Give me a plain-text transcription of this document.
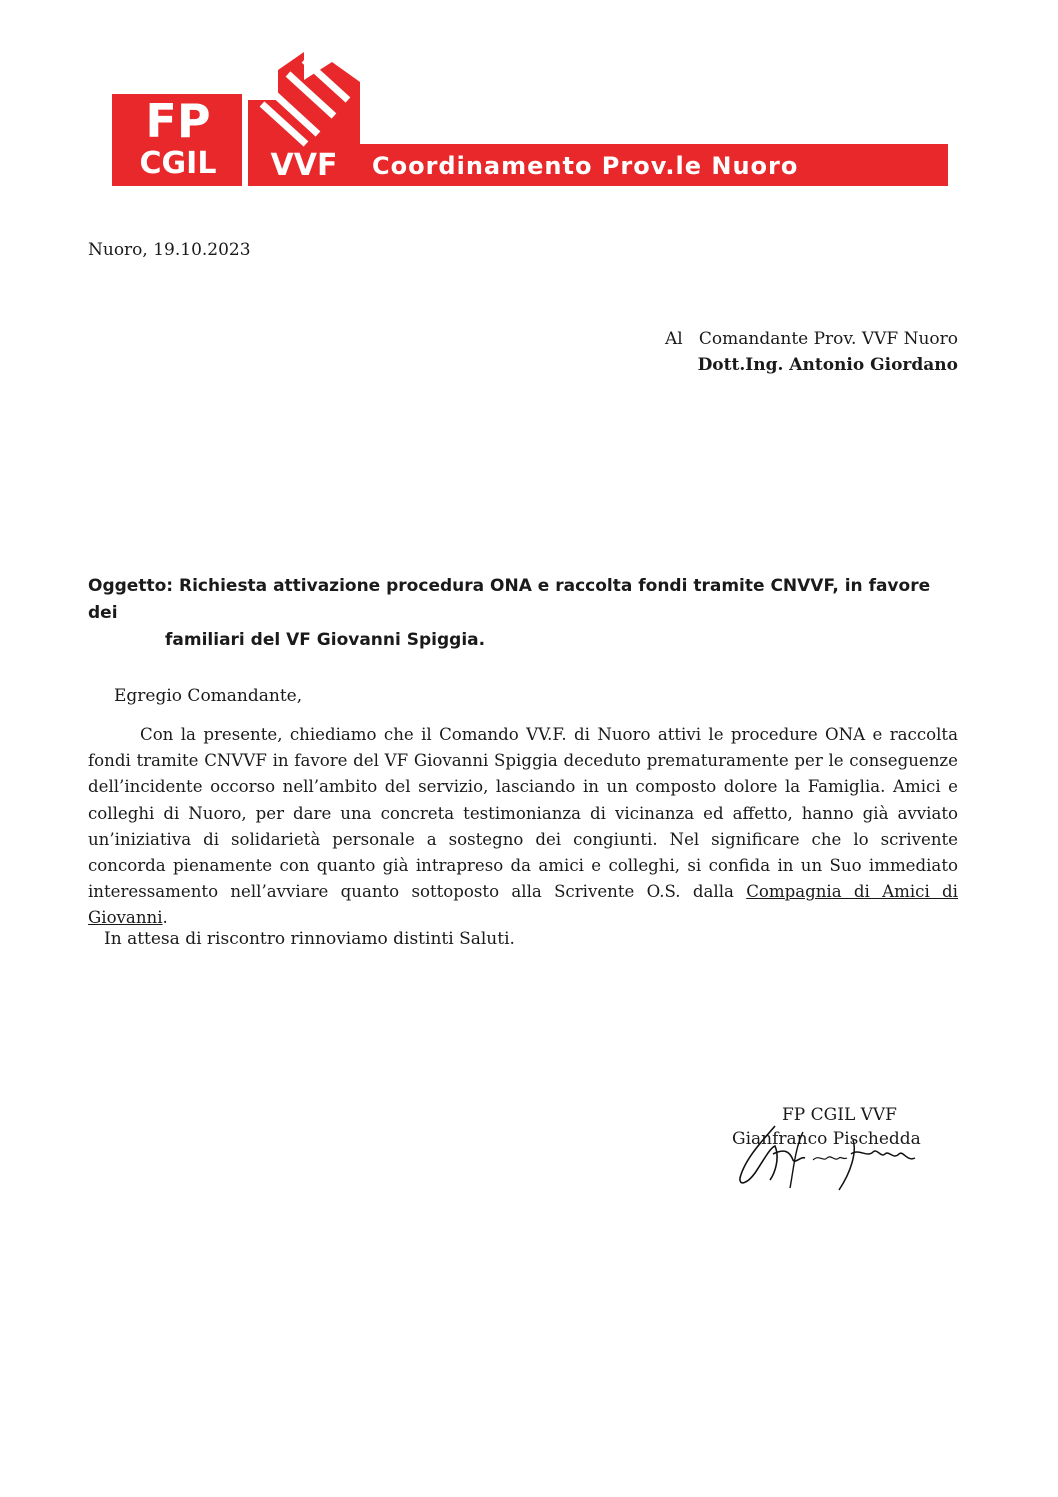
FP
CGIL	VVF	Coordinamento Prov.le Nuoro
Nuoro, 19.10.2023
Al   Comandante Prov. VVF Nuoro
Dott.Ing. Antonio Giordano
Oggetto: Richiesta attivazione procedura ONA e raccolta fondi tramite CNVVF, in favore dei
familiari del VF Giovanni Spiggia.
Egregio Comandante,
Con la presente, chiediamo che il Comando VV.F. di Nuoro attivi le procedure ONA e raccolta fondi tramite CNVVF in favore del VF Giovanni Spiggia deceduto prematuramente per le conseguenze dell’incidente occorso nell’ambito del servizio, lasciando in un composto dolore la Famiglia. Amici e colleghi di Nuoro, per dare una concreta testimonianza di vicinanza ed affetto, hanno già avviato un’iniziativa di solidarietà personale a sostegno dei congiunti. Nel significare che lo scrivente concorda pienamente con quanto già intrapreso da amici e colleghi, si confida in un Suo immediato interessamento nell’avviare quanto sottoposto alla Scrivente O.S. dalla Compagnia di Amici di Giovanni.
In attesa di riscontro rinnoviamo distinti Saluti.
FP CGIL VVF
Gianfranco Pischedda
